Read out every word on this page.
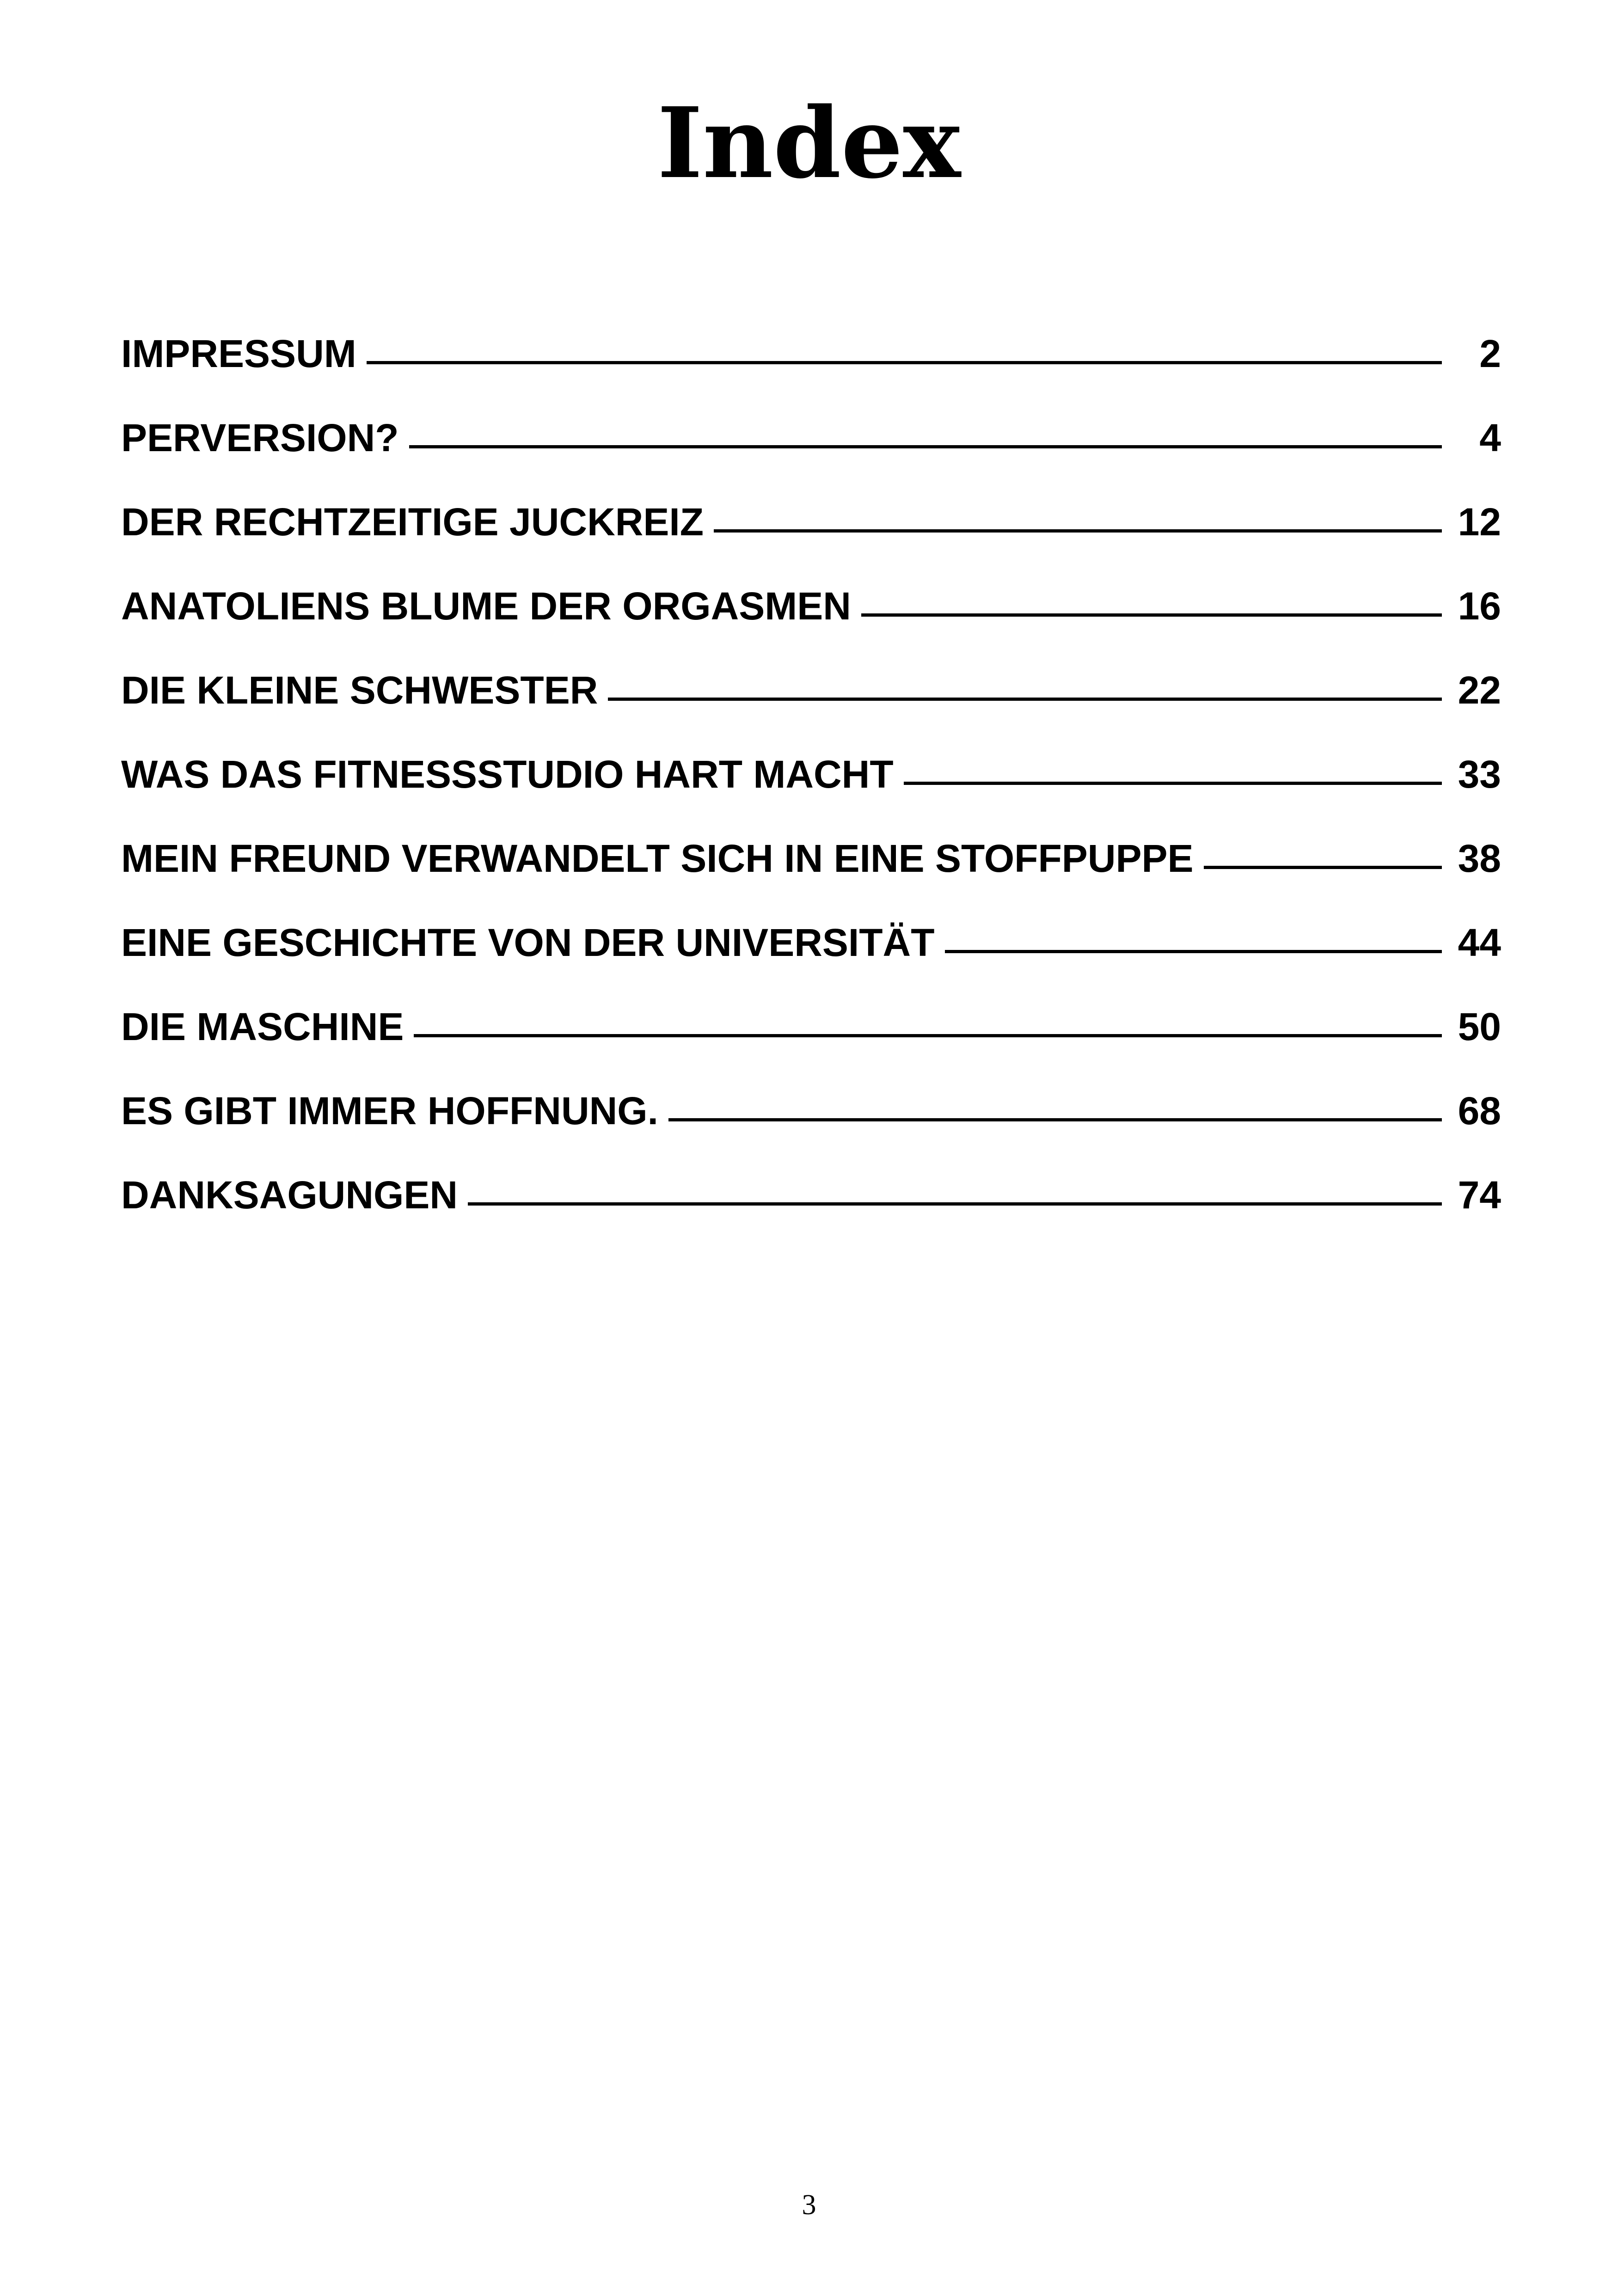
Index
IMPRESSUM	2
PERVERSION?	4
DER RECHTZEITIGE JUCKREIZ	12
ANATOLIENS BLUME DER ORGASMEN	16
DIE KLEINE SCHWESTER	22
WAS DAS FITNESSSTUDIO HART MACHT	33
MEIN FREUND VERWANDELT SICH IN EINE STOFFPUPPE	38
EINE GESCHICHTE VON DER UNIVERSITÄT	44
DIE MASCHINE	50
ES GIBT IMMER HOFFNUNG.	68
DANKSAGUNGEN	74
3
